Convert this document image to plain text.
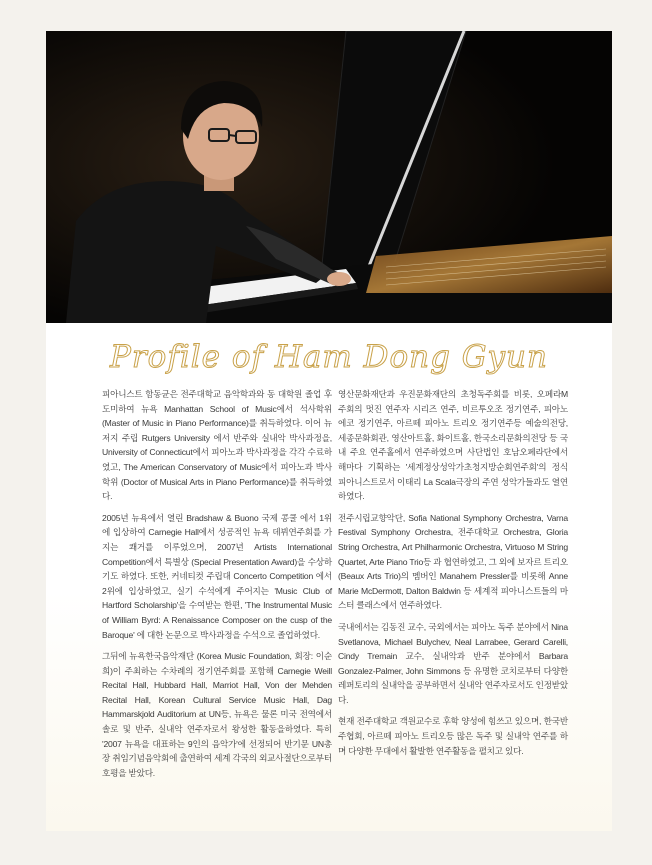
Profile of Ham Dong Gyun

피아니스트 함동균은 전주대학교 음악학과와 동 대학원 졸업 후 도미하여 뉴욕 Manhattan School of Music에서 석사학위 (Master of Music in Piano Performance)를 취득하였다. 이어 뉴저지 주립 Rutgers University 에서 반주와 실내악 박사과정을, University of Connecticut에서 피아노과 박사과정을 각각 수료하였고, The American Conservatory of Music에서 피아노과 박사학위 (Doctor of Musical Arts in Piano Performance)를 취득하였다.

2005년 뉴욕에서 열린 Bradshaw & Buono 국제 콩쿨 에서 1위에 입상하여 Carnegie Hall에서 성공적인 뉴욕 데뷔연주회를 가지는 쾌거를 이루었으며, 2007년 Artists International Competition에서 특별상 (Special Presentation Award)을 수상하기도 하였다. 또한, 커네티컷 주립대 Concerto Competition 에서 2위에 입상하였고, 실기 수석에게 주어지는 'Music Club of Hartford Scholarship'을 수여받는 한편, 'The Instrumental Music of William Byrd: A Renaissance Composer on the cusp of the Baroque' 에 대한 논문으로 박사과정을 수석으로 졸업하였다.

그뒤에 뉴욕한국음악재단 (Korea Music Foundation, 회장: 이순희)이 주최하는 수차례의 정기연주회를 포함해 Carnegie Weill Recital Hall, Hubbard Hall, Marriot Hall, Von der Mehden Recital Hall, Korean Cultural Service Music Hall, Dag Hammarskjold Auditorium at UN등, 뉴욕은 물론 미국 전역에서 솔로 및 반주, 실내악 연주자로서 왕성한 활동을하였다. 특히 '2007 뉴욕을 대표하는 9인의 음악가'에 선정되어 반기문 UN총장 취임기념음악회에 출연하여 세계 각국의 외교사절단으로부터 호평을 받았다.

영산문화재단과 우진문화재단의 초청독주회를 비롯, 오페라M 주회의 멋진 연주자 시리즈 연주, 비르투오조 정기연주, 피아노에코 정기연주, 아르떼 피아노 트리오 정기연주등 예술의전당, 세종문화회관, 영산아트홀, 화이트홀, 한국소리문화의전당 등 국내 주요 연주홀에서 연주하였으며 사단법인 호남오페라단에서 해마다 기획하는 '세계정상성악가초청지방순회연주회'의 정식 피아니스트로서 이태리 La Scala극장의 주연 성악가들과도 열연하였다.

전주시립교향악단, Sofia National Symphony Orchestra, Varna Festival Symphony Orchestra, 전주대학교 Orchestra, Gloria String Orchestra, Art Philharmonic Orchestra, Virtuoso M String Quartet, Arte Piano Trio등 과 협연하였고, 그 외에 보자르 트리오(Beaux Arts Trio)의 멤버인 Manahem Pressler를 비롯해 Anne Marie McDermott, Dalton Baldwin 등 세계적 피아니스트들의 마스터 클래스에서 연주하였다.

국내에서는 김동진 교수, 국외에서는 피아노 독주 분야에서 Nina Svetlanova, Michael Bulychev, Neal Larrabee, Gerard Carelli, Cindy Tremain 교수, 실내악과 반주 분야에서 Barbara Gonzalez-Palmer, John Simmons 등 유명한 코치로부터 다양한 레퍼토리의 실내악을 공부하면서 실내악 연주자로서도 인정받았다.

현재 전주대학교 객원교수로 후학 양성에 힘쓰고 있으며, 한국반주협회, 아르떼 피아노 트리오등 많은 독주 및 실내악 연주를 하며 다양한 무대에서 활발한 연주활동을 펼치고 있다.
